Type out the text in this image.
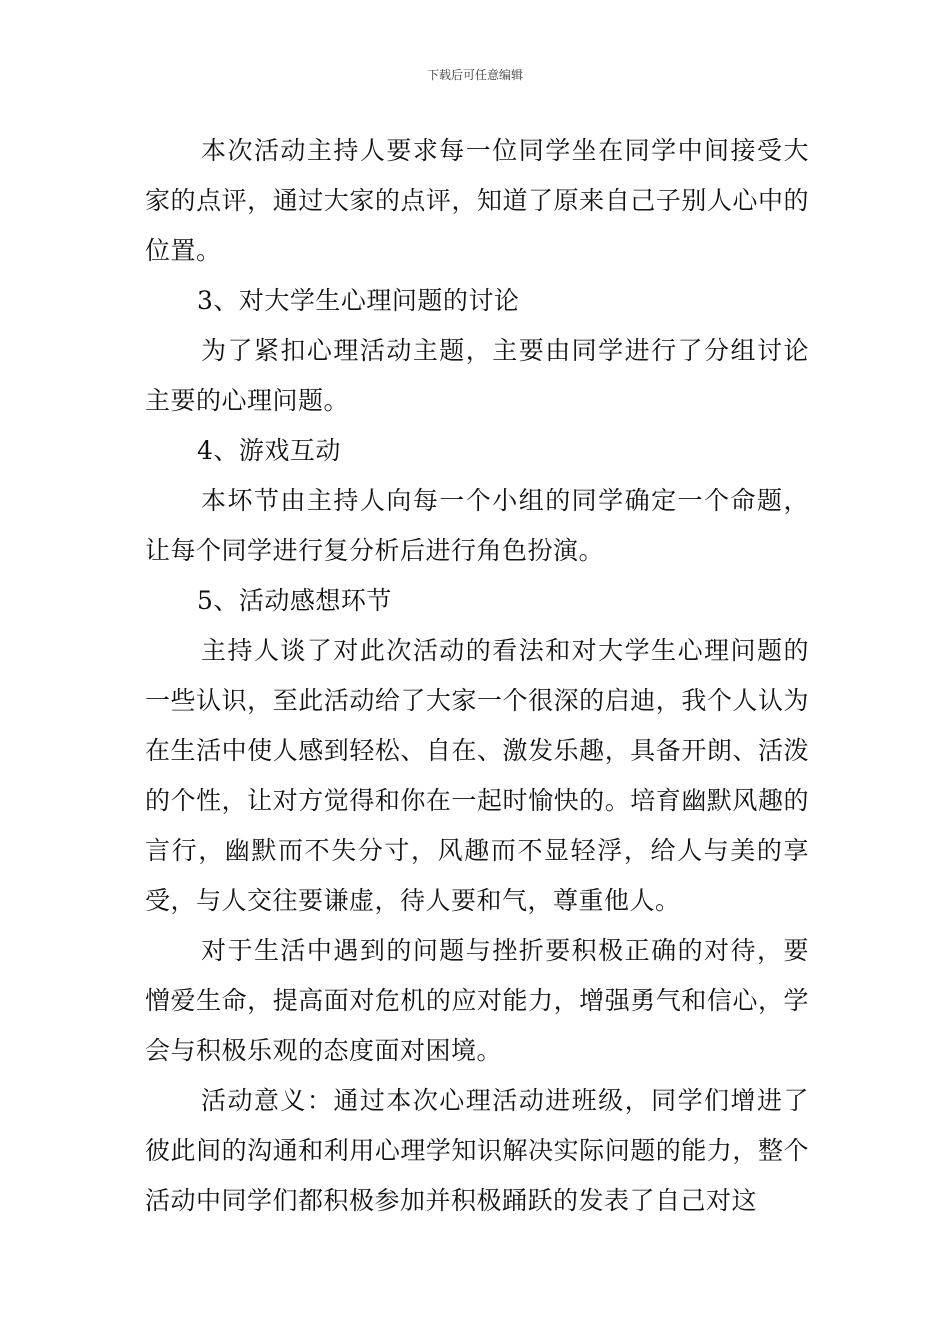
下载后可任意编辑

本次活动主持人要求每一位同学坐在同学中间接受大家的点评，通过大家的点评，知道了原来自己子别人心中的位置。

3、对大学生心理问题的讨论

为了紧扣心理活动主题，主要由同学进行了分组讨论主要的心理问题。

4、游戏互动

本坏节由主持人向每一个小组的同学确定一个命题，让每个同学进行复分析后进行角色扮演。

5、活动感想环节

主持人谈了对此次活动的看法和对大学生心理问题的一些认识，至此活动给了大家一个很深的启迪，我个人认为在生活中使人感到轻松、自在、激发乐趣，具备开朗、活泼的个性，让对方觉得和你在一起时愉快的。培育幽默风趣的言行，幽默而不失分寸，风趣而不显轻浮，给人与美的享受，与人交往要谦虚，待人要和气，尊重他人。

对于生活中遇到的问题与挫折要积极正确的对待，要憎爱生命，提高面对危机的应对能力，增强勇气和信心，学会与积极乐观的态度面对困境。

活动意义：通过本次心理活动进班级，同学们增进了彼此间的沟通和利用心理学知识解决实际问题的能力，整个活动中同学们都积极参加并积极踊跃的发表了自己对这
